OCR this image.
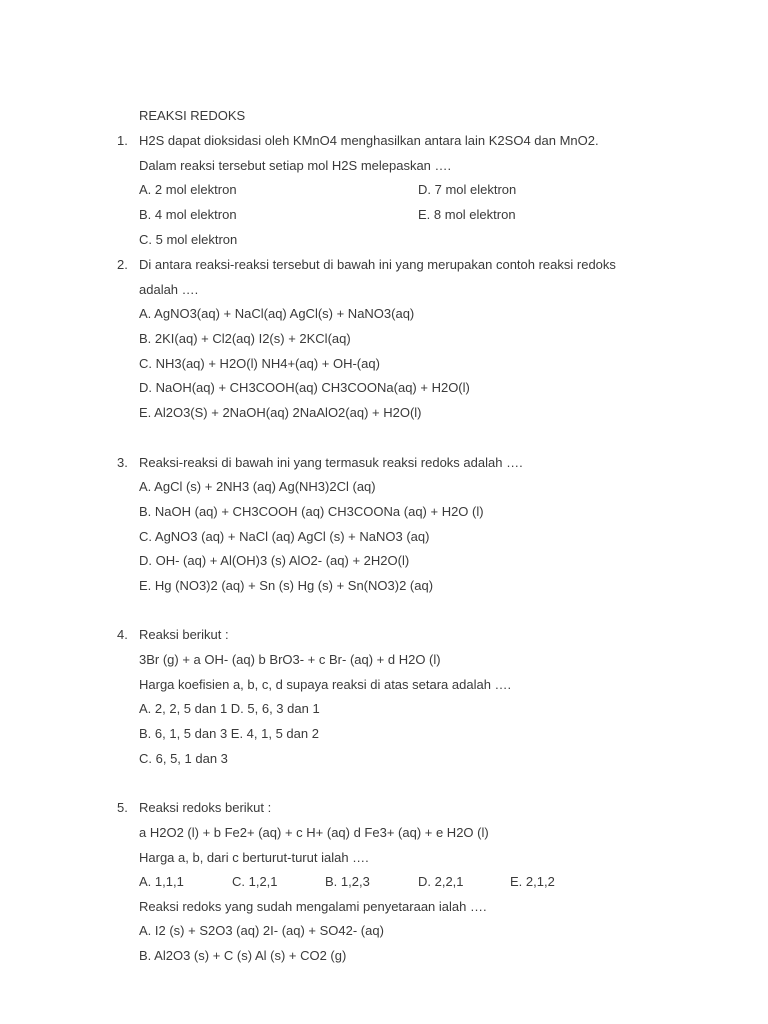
REAKSI REDOKS
1. H2S dapat dioksidasi oleh KMnO4 menghasilkan antara lain K2SO4 dan MnO2.
Dalam reaksi tersebut setiap mol H2S melepaskan ….
A. 2 mol elektron	D. 7 mol elektron
B. 4 mol elektron	E. 8 mol elektron
C. 5 mol elektron
2. Di antara reaksi-reaksi tersebut di bawah ini yang merupakan contoh reaksi redoks
adalah ….
A. AgNO3(aq) + NaCl(aq) AgCl(s) + NaNO3(aq)
B. 2KI(aq) + Cl2(aq) I2(s) + 2KCl(aq)
C. NH3(aq) + H2O(l) NH4+(aq) + OH-(aq)
D. NaOH(aq) + CH3COOH(aq) CH3COONa(aq) + H2O(l)
E. Al2O3(S) + 2NaOH(aq) 2NaAlO2(aq) + H2O(l)
3. Reaksi-reaksi di bawah ini yang termasuk reaksi redoks adalah ….
A. AgCl (s) + 2NH3 (aq) Ag(NH3)2Cl (aq)
B. NaOH (aq) + CH3COOH (aq) CH3COONa (aq) + H2O (l)
C. AgNO3 (aq) + NaCl (aq) AgCl (s) + NaNO3 (aq)
D. OH- (aq) + Al(OH)3 (s) AlO2- (aq) + 2H2O(l)
E. Hg (NO3)2 (aq) + Sn (s) Hg (s) + Sn(NO3)2 (aq)
4. Reaksi berikut :
3Br (g) + a OH- (aq) b BrO3- + c Br- (aq) + d H2O (l)
Harga koefisien a, b, c, d supaya reaksi di atas setara adalah ….
A. 2, 2, 5 dan 1 D. 5, 6, 3 dan 1
B. 6, 1, 5 dan 3 E. 4, 1, 5 dan 2
C. 6, 5, 1 dan 3
5. Reaksi redoks berikut :
a H2O2 (l) + b Fe2+ (aq) + c H+ (aq) d Fe3+ (aq) + e H2O (l)
Harga a, b, dari c berturut-turut ialah ….
A. 1,1,1	C. 1,2,1	B. 1,2,3	D. 2,2,1	E. 2,1,2
Reaksi redoks yang sudah mengalami penyetaraan ialah ….
A. I2 (s) + S2O3 (aq) 2I- (aq) + SO42- (aq)
B. Al2O3 (s) + C (s) Al (s) + CO2 (g)
